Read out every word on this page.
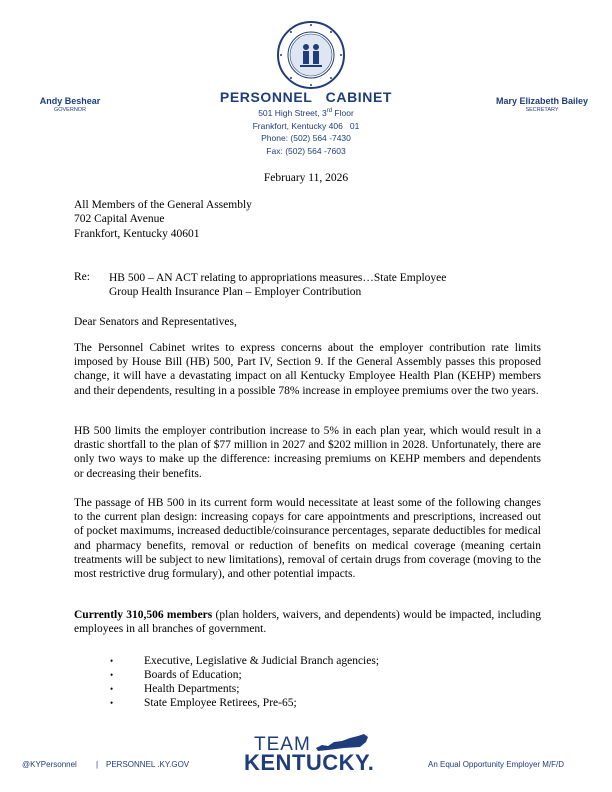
Andy Beshear
GOVERNOR
Mary Elizabeth Bailey
SECRETARY
PERSONNEL   CABINET
501 High Street, 3rd Floor
Frankfort, Kentucky 406   01
Phone: (502) 564 -7430
Fax: (502) 564 -7603
February 11, 2026
All Members of the General Assembly
702 Capital Avenue
Frankfort, Kentucky 40601
Re: HB 500 – AN ACT relating to appropriations measures…State Employee
Group Health Insurance Plan – Employer Contribution
Dear Senators and Representatives,

The Personnel Cabinet writes to express concerns about the employer contribution rate limits imposed by House Bill (HB) 500, Part IV, Section 9. If the General Assembly passes this proposed change, it will have a devastating impact on all Kentucky Employee Health Plan (KEHP) members and their dependents, resulting in a possible 78% increase in employee premiums over the two years.

HB 500 limits the employer contribution increase to 5% in each plan year, which would result in a drastic shortfall to the plan of $77 million in 2027 and $202 million in 2028. Unfortunately, there are only two ways to make up the difference: increasing premiums on KEHP members and dependents or decreasing their benefits.

The passage of HB 500 in its current form would necessitate at least some of the following changes to the current plan design: increasing copays for care appointments and prescriptions, increased out of pocket maximums, increased deductible/coinsurance percentages, separate deductibles for medical and pharmacy benefits, removal or reduction of benefits on medical coverage (meaning certain treatments will be subject to new limitations), removal of certain drugs from coverage (moving to the most restrictive drug formulary), and other potential impacts.

Currently 310,506 members (plan holders, waivers, and dependents) would be impacted, including employees in all branches of government.

•	Executive, Legislative & Judicial Branch agencies;
•	Boards of Education;
•	Health Departments;
•	State Employee Retirees, Pre-65;
@KYPersonnel | PERSONNEL .KY.GOV
TEAM
KENTUCKY.	An Equal Opportunity Employer M/F/D
